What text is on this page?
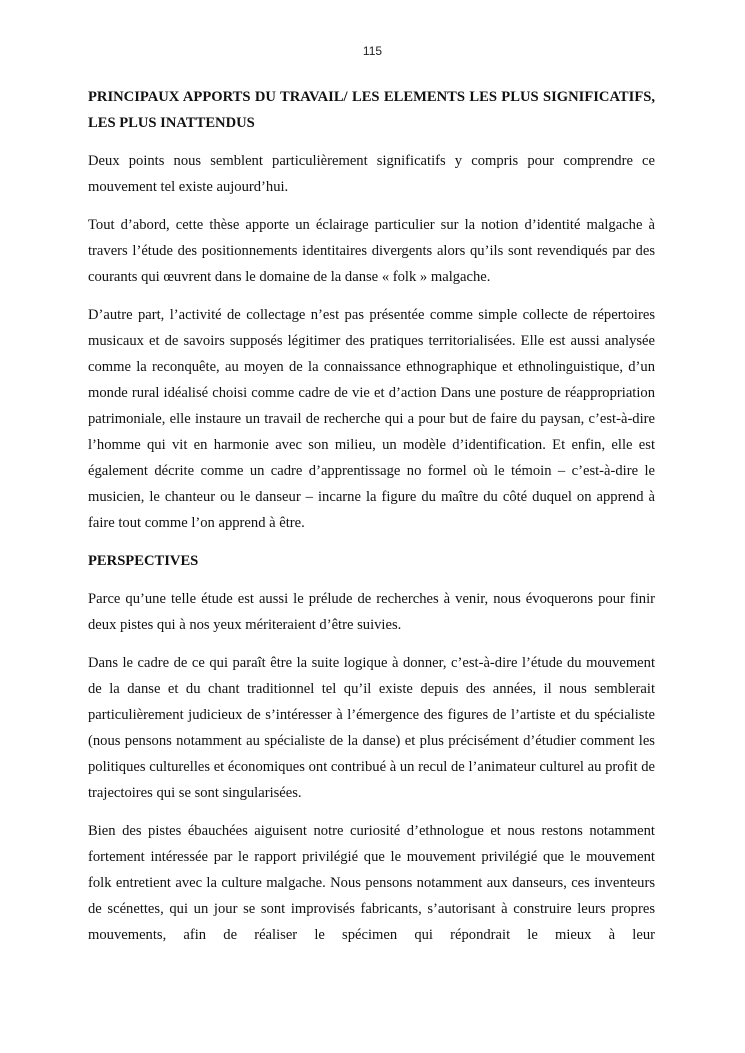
115
PRINCIPAUX APPORTS DU TRAVAIL/ LES ELEMENTS LES PLUS SIGNIFICATIFS, LES PLUS INATTENDUS

Deux points nous semblent particulièrement significatifs y compris pour comprendre ce mouvement tel existe aujourd’hui.

Tout d’abord, cette thèse apporte un éclairage particulier sur la notion d’identité malgache à travers l’étude des positionnements identitaires divergents alors qu’ils sont revendiqués par des courants qui œuvrent dans le domaine de la danse « folk » malgache.

D’autre part, l’activité de collectage n’est pas présentée comme simple collecte de répertoires musicaux et de savoirs supposés légitimer des pratiques territorialisées. Elle est aussi analysée comme la reconquête, au moyen de la connaissance ethnographique et ethnolinguistique, d’un monde rural idéalisé choisi comme cadre de vie et d’action Dans une posture de réappropriation patrimoniale, elle instaure un travail de recherche qui a pour but de faire du paysan, c’est-à-dire l’homme qui vit en harmonie avec son milieu, un modèle d’identification. Et enfin, elle est également décrite comme un cadre d’apprentissage no formel où le témoin – c’est-à-dire le musicien, le chanteur ou le danseur – incarne la figure du maître du côté duquel on apprend à faire tout comme l’on apprend à être.

PERSPECTIVES

Parce qu’une telle étude est aussi le prélude de recherches à venir, nous évoquerons pour finir deux pistes qui à nos yeux mériteraient d’être suivies.

Dans le cadre de ce qui paraît être la suite logique à donner, c’est-à-dire l’étude du mouvement de la danse et du chant traditionnel tel qu’il existe depuis des années, il nous semblerait particulièrement judicieux de s’intéresser à l’émergence des figures de l’artiste et du spécialiste (nous pensons notamment au spécialiste de la danse) et plus précisément d’étudier comment les politiques culturelles et économiques ont contribué à un recul de l’animateur culturel au profit de trajectoires qui se sont singularisées.

Bien des pistes ébauchées aiguisent notre curiosité d’ethnologue et nous restons notamment fortement intéressée par le rapport privilégié que le mouvement privilégié que le mouvement folk entretient avec la culture malgache. Nous pensons notamment aux danseurs, ces inventeurs de scénettes, qui un jour se sont improvisés fabricants, s’autorisant à construire leurs propres mouvements, afin de réaliser le spécimen qui répondrait le mieux à leur
